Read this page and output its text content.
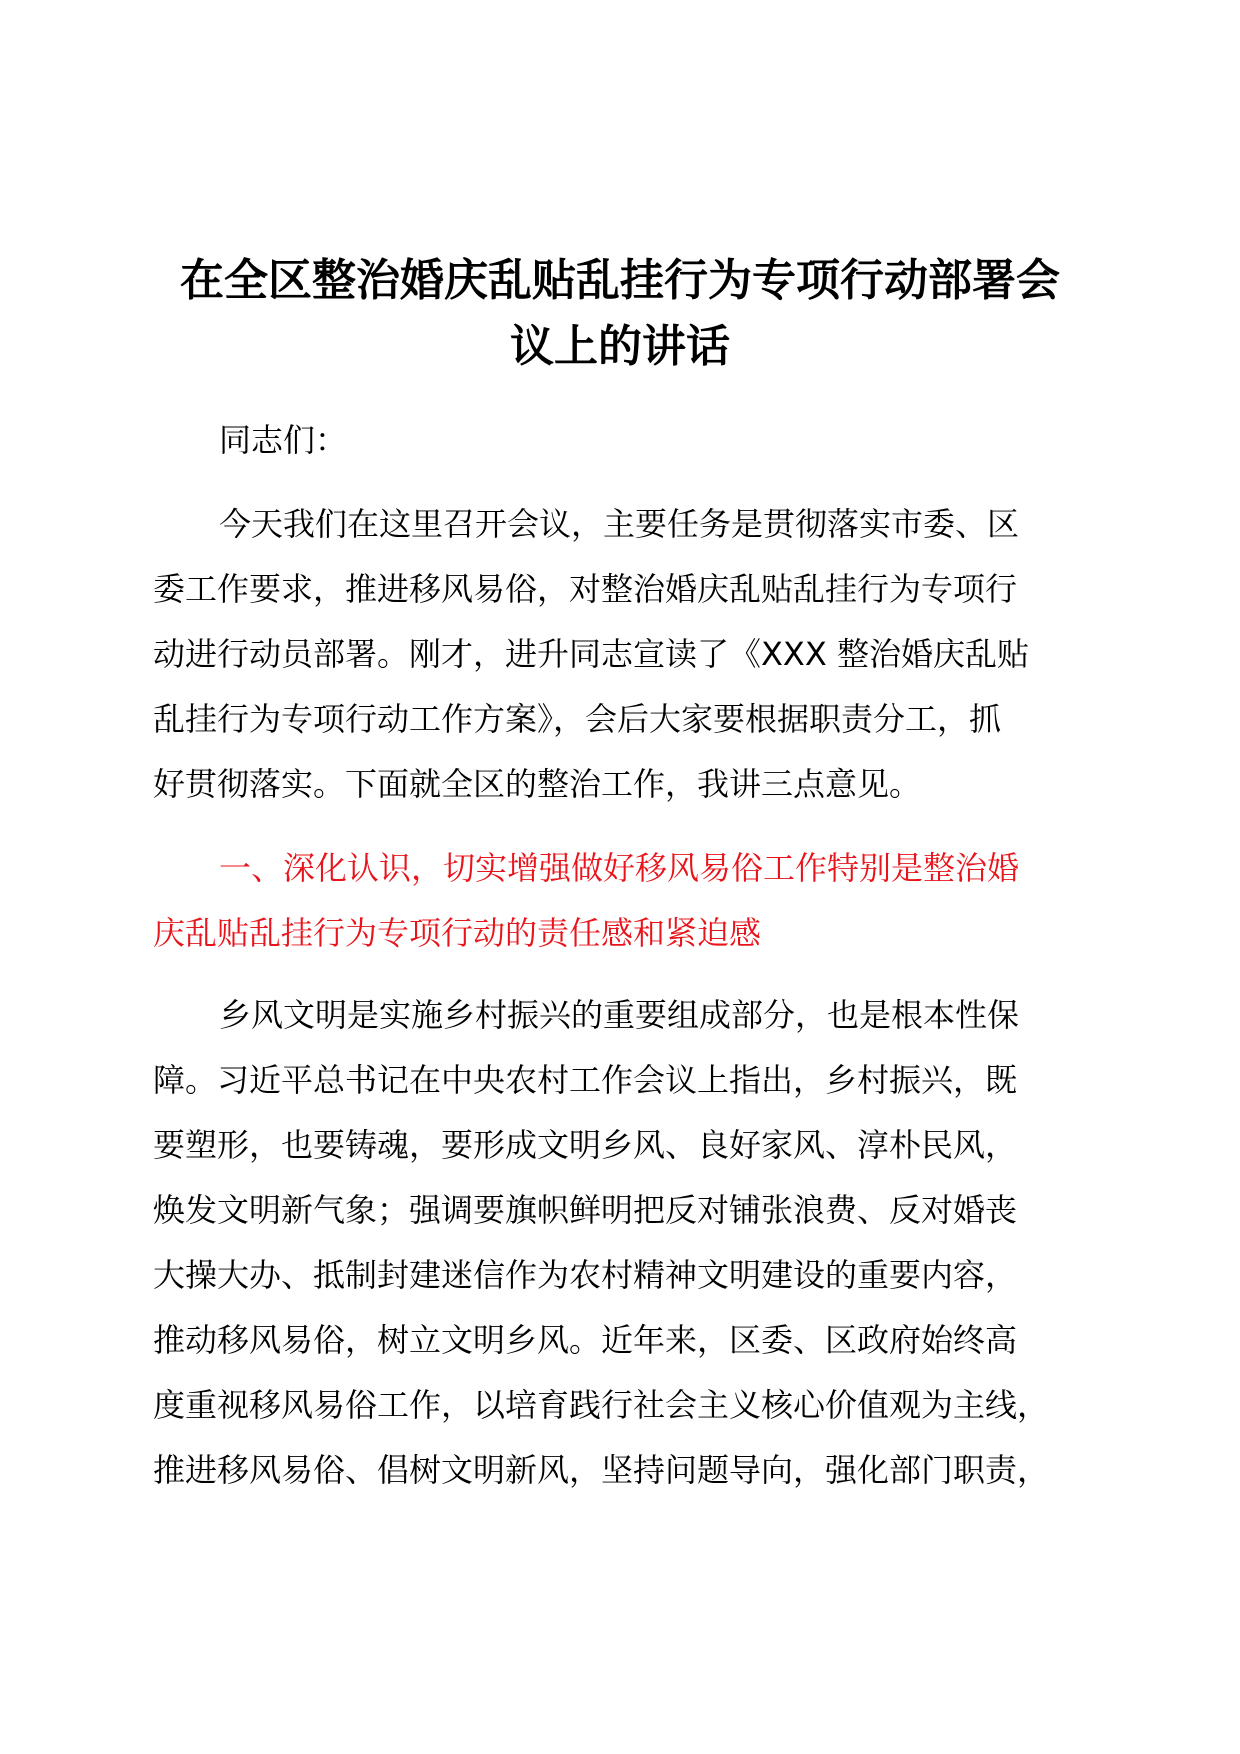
在全区整治婚庆乱贴乱挂行为专项行动部署会
议上的讲话
同志们：
今天我们在这里召开会议，主要任务是贯彻落实市委、区
委工作要求，推进移风易俗，对整治婚庆乱贴乱挂行为专项行
动进行动员部署。刚才，进升同志宣读了《XXX 整治婚庆乱贴
乱挂行为专项行动工作方案》，会后大家要根据职责分工，抓
好贯彻落实。下面就全区的整治工作，我讲三点意见。
一、深化认识，切实增强做好移风易俗工作特别是整治婚
庆乱贴乱挂行为专项行动的责任感和紧迫感
乡风文明是实施乡村振兴的重要组成部分，也是根本性保
障。习近平总书记在中央农村工作会议上指出，乡村振兴，既
要塑形，也要铸魂，要形成文明乡风、良好家风、淳朴民风，
焕发文明新气象；强调要旗帜鲜明把反对铺张浪费、反对婚丧
大操大办、抵制封建迷信作为农村精神文明建设的重要内容，
推动移风易俗，树立文明乡风。近年来，区委、区政府始终高
度重视移风易俗工作，以培育践行社会主义核心价值观为主线，
推进移风易俗、倡树文明新风，坚持问题导向，强化部门职责，
